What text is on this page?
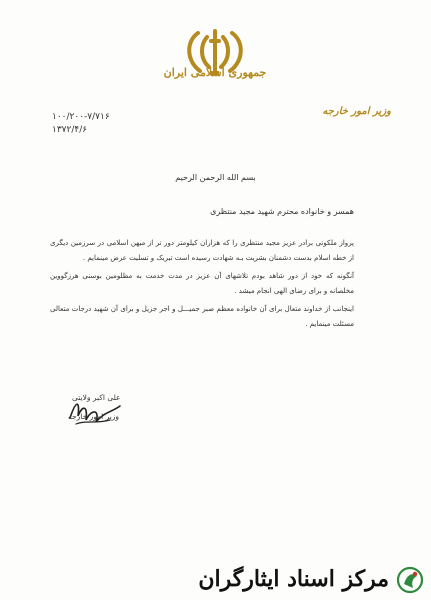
جمهوری اسلامی ایران
وزیر امور خارجه
۱۰۰/۲۰۰-۷/۷۱۶
۱۳۷۲/۴/۶
بسم الله الرحمن الرحیم
همسر و خانواده محترم شهید مجید منتظری

پرواز ملکوتی برادر عزیز مجید منتظری را که هزاران کیلومتر دور تر از میهن اسلامی در سرزمین دیگری از خطه اسلام بدست دشمنان بشریت بـه شهادت رسیده است تبریک و تسلیت عرض مینمایم .

آنگونه که خود از دور شاهد بودم تلاشهای آن عزیز در مدت خدمت به مظلومین بوسنی هرزگووین مخلصانه و برای رضای الهی انجام میشد .

اینجانب از خداوند متعال برای آن خانواده معظم صبر جمیـــل و اجر جزیل و برای آن شهید درجات متعالی مسئلت مینمایم .

علی اکبر ولایتی
وزیر امور خارجه
مرکز اسناد ایثارگران
